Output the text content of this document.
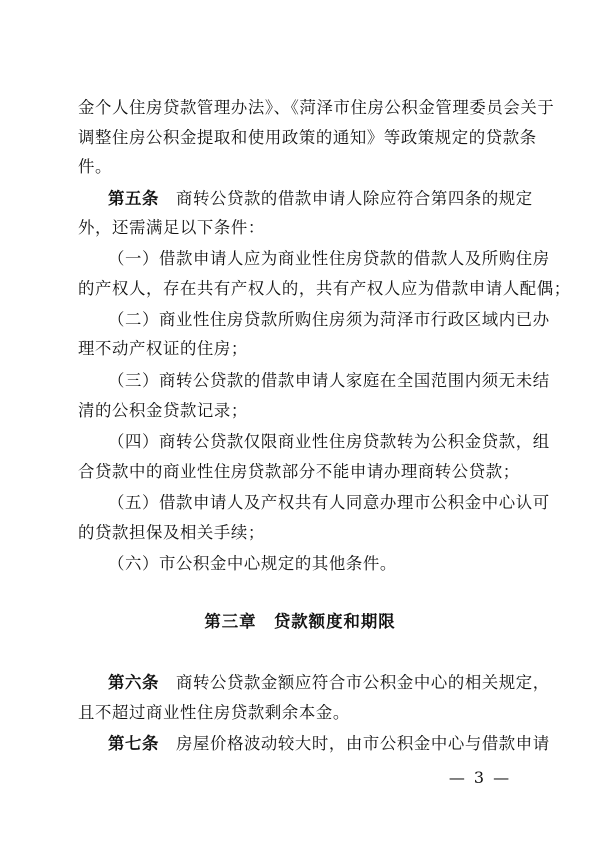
金个人住房贷款管理办法》、《菏泽市住房公积金管理委员会关于
调整住房公积金提取和使用政策的通知》等政策规定的贷款条
件。
第五条　 商转公贷款的借款申请人除应符合第四条的规定
外，还需满足以下条件：
（一）借款申请人应为商业性住房贷款的借款人及所购住房
的产权人，存在共有产权人的，共有产权人应为借款申请人配偶；
（二）商业性住房贷款所购住房须为菏泽市行政区域内已办
理不动产权证的住房；
（三）商转公贷款的借款申请人家庭在全国范围内须无未结
清的公积金贷款记录；
（四）商转公贷款仅限商业性住房贷款转为公积金贷款，组
合贷款中的商业性住房贷款部分不能申请办理商转公贷款；
（五）借款申请人及产权共有人同意办理市公积金中心认可
的贷款担保及相关手续；
（六）市公积金中心规定的其他条件。
第三章　贷款额度和期限
第六条　 商转公贷款金额应符合市公积金中心的相关规定，
且不超过商业性住房贷款剩余本金。
第七条　 房屋价格波动较大时，由市公积金中心与借款申请
— 3 —
